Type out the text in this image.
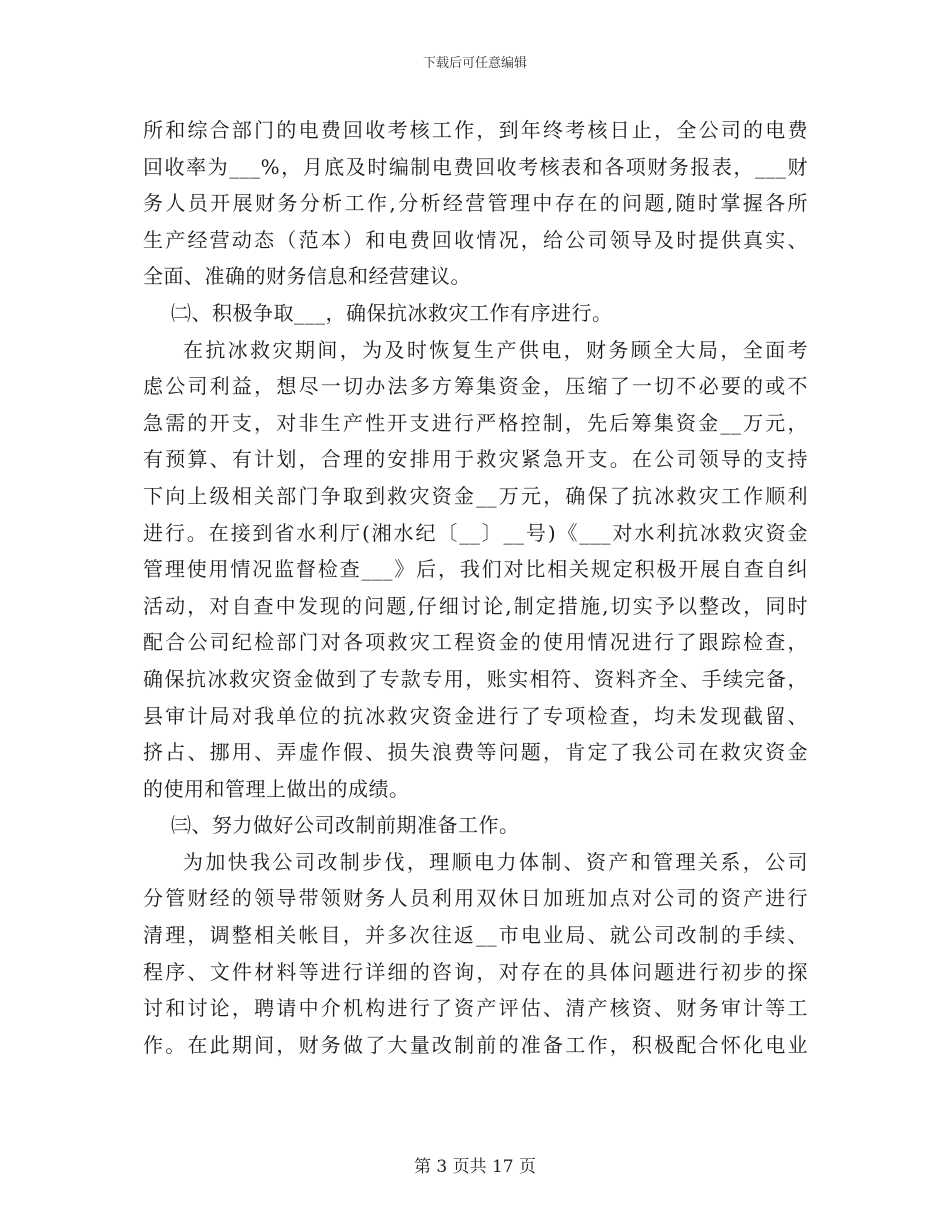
下载后可任意编辑
所和综合部门的电费回收考核工作，到年终考核日止，全公司的电费
回收率为___%，月底及时编制电费回收考核表和各项财务报表，___财
务人员开展财务分析工作,分析经营管理中存在的问题,随时掌握各所
生产经营动态（范本）和电费回收情况，给公司领导及时提供真实、
全面、准确的财务信息和经营建议。
㈡、积极争取___，确保抗冰救灾工作有序进行。
在抗冰救灾期间，为及时恢复生产供电，财务顾全大局，全面考
虑公司利益，想尽一切办法多方筹集资金，压缩了一切不必要的或不
急需的开支，对非生产性开支进行严格控制，先后筹集资金__万元，
有预算、有计划，合理的安排用于救灾紧急开支。在公司领导的支持
下向上级相关部门争取到救灾资金__万元，确保了抗冰救灾工作顺利
进行。在接到省水利厅(湘水纪〔__〕__号)《___对水利抗冰救灾资金
管理使用情况监督检查___》后，我们对比相关规定积极开展自查自纠
活动，对自查中发现的问题,仔细讨论,制定措施,切实予以整改，同时
配合公司纪检部门对各项救灾工程资金的使用情况进行了跟踪检查，
确保抗冰救灾资金做到了专款专用，账实相符、资料齐全、手续完备，
县审计局对我单位的抗冰救灾资金进行了专项检查，均未发现截留、
挤占、挪用、弄虚作假、损失浪费等问题，肯定了我公司在救灾资金
的使用和管理上做出的成绩。
㈢、努力做好公司改制前期准备工作。
为加快我公司改制步伐，理顺电力体制、资产和管理关系，公司
分管财经的领导带领财务人员利用双休日加班加点对公司的资产进行
清理，调整相关帐目，并多次往返__市电业局、就公司改制的手续、
程序、文件材料等进行详细的咨询，对存在的具体问题进行初步的探
讨和讨论，聘请中介机构进行了资产评估、清产核资、财务审计等工
作。在此期间，财务做了大量改制前的准备工作，积极配合怀化电业
第 3 页共 17 页
